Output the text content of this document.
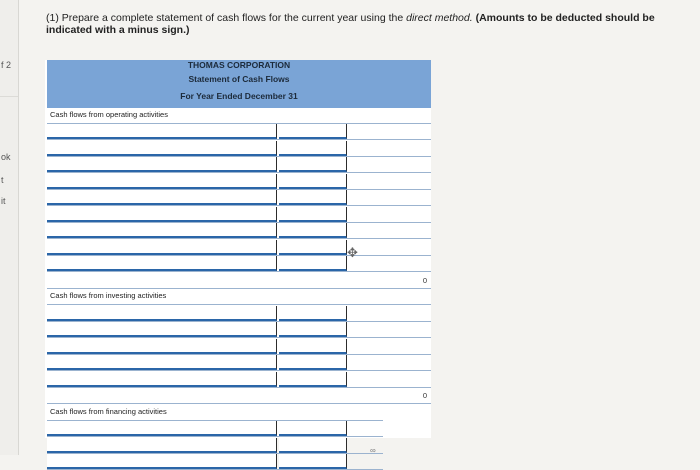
f 2
ok
t
it
(1) Prepare a complete statement of cash flows for the current year using the direct method. (Amounts to be deducted should be indicated with a minus sign.)
THOMAS CORPORATION
Statement of Cash Flows
For Year Ended December 31
Cash flows from operating activities
0
Cash flows from investing activities
0
Cash flows from financing activities
✥
∞
